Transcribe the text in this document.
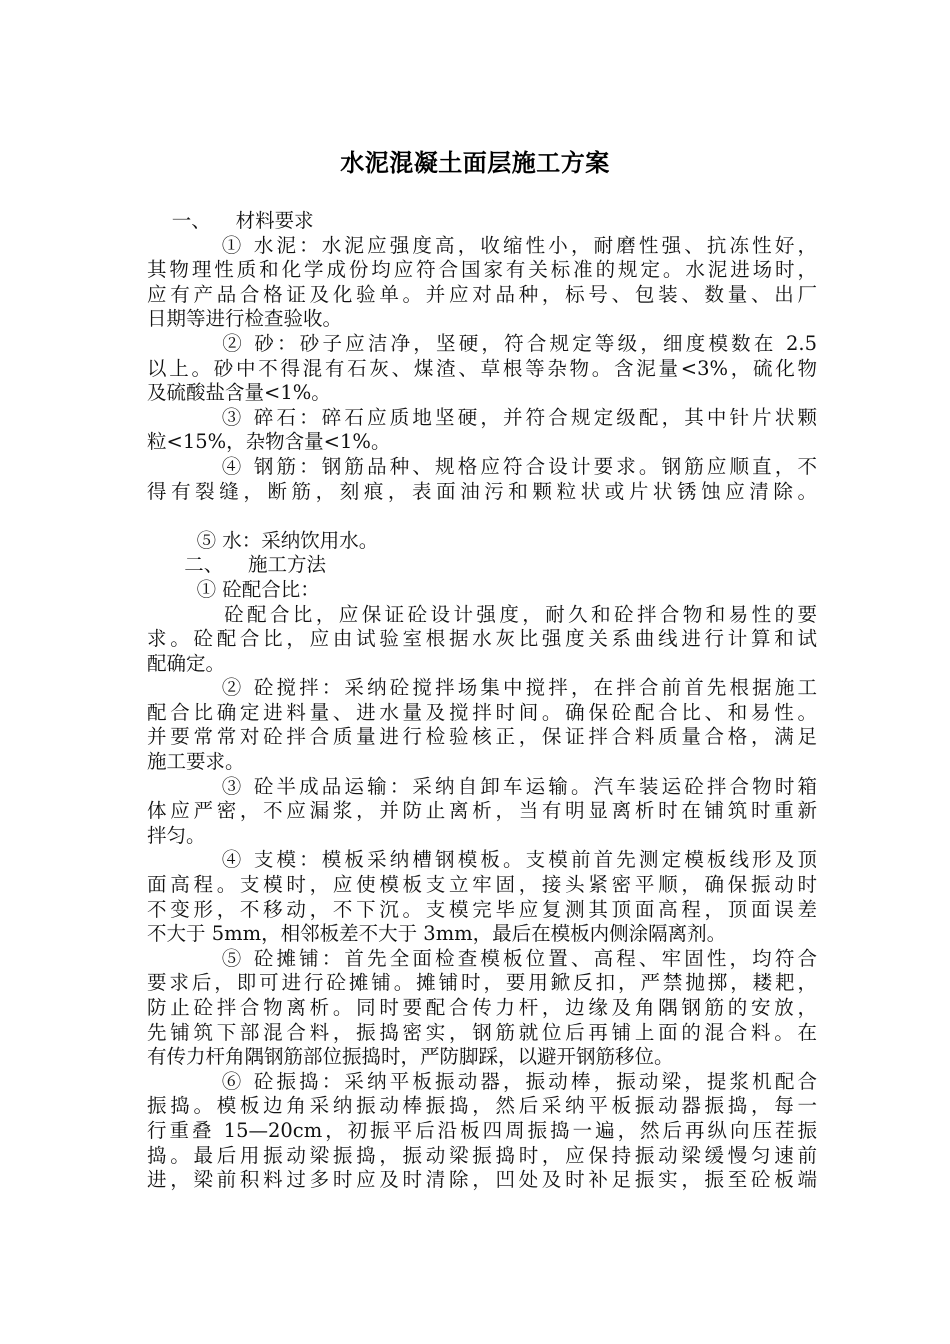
水泥混凝土面层施工方案
一、    材料要求
① 水泥：水泥应强度高，收缩性小，耐磨性强、抗冻性好，
其物理性质和化学成份均应符合国家有关标准的规定。水泥进场时，
应有产品合格证及化验单。并应对品种，标号、包装、数量、出厂
日期等进行检查验收。
② 砂：砂子应洁净，坚硬，符合规定等级，细度模数在 2.5
以上。砂中不得混有石灰、煤渣、草根等杂物。含泥量<3%，硫化物
及硫酸盐含量<1%。
③ 碎石：碎石应质地坚硬，并符合规定级配，其中针片状颗
粒<15%，杂物含量<1%。
④ 钢筋：钢筋品种、规格应符合设计要求。钢筋应顺直，不
得有裂缝，断筋，刻痕，表面油污和颗粒状或片状锈蚀应清除。
⑤ 水：采纳饮用水。
二、    施工方法
① 砼配合比：
砼配合比，应保证砼设计强度，耐久和砼拌合物和易性的要
求。砼配合比，应由试验室根据水灰比强度关系曲线进行计算和试
配确定。
② 砼搅拌：采纳砼搅拌场集中搅拌，在拌合前首先根据施工
配合比确定进料量、进水量及搅拌时间。确保砼配合比、和易性。
并要常常对砼拌合质量进行检验核正，保证拌合料质量合格，满足
施工要求。
③ 砼半成品运输：采纳自卸车运输。汽车装运砼拌合物时箱
体应严密，不应漏浆，并防止离析，当有明显离析时在铺筑时重新
拌匀。
④ 支模：模板采纳槽钢模板。支模前首先测定模板线形及顶
面高程。支模时，应使模板支立牢固，接头紧密平顺，确保振动时
不变形，不移动，不下沉。支模完毕应复测其顶面高程，顶面误差
不大于 5mm，相邻板差不大于 3mm，最后在模板内侧涂隔离剂。
⑤ 砼摊铺：首先全面检查模板位置、高程、牢固性，均符合
要求后，即可进行砼摊铺。摊铺时，要用鍁反扣，严禁抛掷，耧耙，
防止砼拌合物离析。同时要配合传力杆，边缘及角隅钢筋的安放，
先铺筑下部混合料，振捣密实，钢筋就位后再铺上面的混合料。在
有传力杆角隅钢筋部位振捣时，严防脚踩，以避开钢筋移位。
⑥ 砼振捣：采纳平板振动器，振动棒，振动梁，提浆机配合
振捣。模板边角采纳振动棒振捣，然后采纳平板振动器振捣，每一
行重叠 15—20cm，初振平后沿板四周振捣一遍，然后再纵向压茬振
捣。最后用振动梁振捣，振动梁振捣时，应保持振动梁缓慢匀速前
进，梁前积料过多时应及时清除，凹处及时补足振实，振至砼板端
